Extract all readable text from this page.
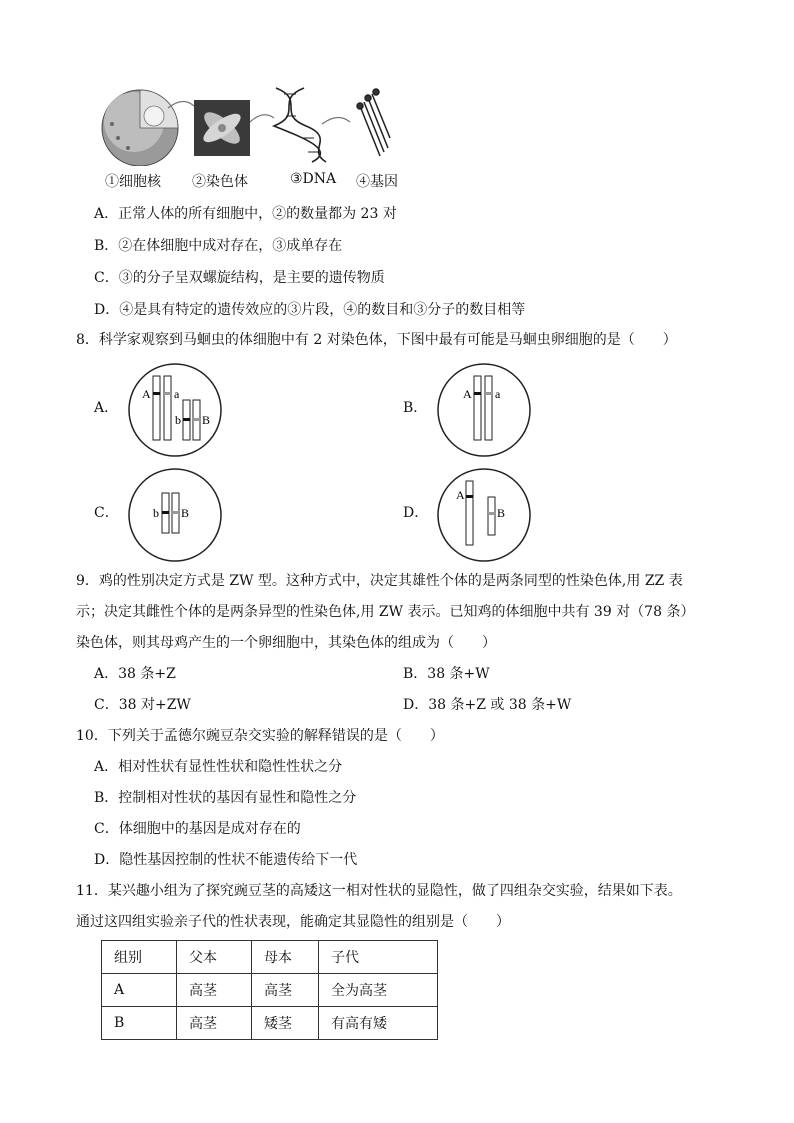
①细胞核 ②染色体	③DNA ④基因
A．正常人体的所有细胞中，②的数量都为 23 对
B．②在体细胞中成对存在，③成单存在
C．③的分子呈双螺旋结构，是主要的遗传物质
D．④是具有特定的遗传效应的③片段，④的数目和③分子的数目相等
8．科学家观察到马蛔虫的体细胞中有 2 对染色体，下图中最有可能是马蛔虫卵细胞的是（　　）
A．	B．
C．	D．
A a
b B
A a
b B
A
B
9．鸡的性别决定方式是 ZW 型。这种方式中，决定其雄性个体的是两条同型的性染色体,用 ZZ 表
示；决定其雌性个体的是两条异型的性染色体,用 ZW 表示。已知鸡的体细胞中共有 39 对（78 条）
染色体，则其母鸡产生的一个卵细胞中，其染色体的组成为（　　）
A．38 条+Z	B．38 条+W
C．38 对+ZW	D．38 条+Z 或 38 条+W
10．下列关于孟德尔豌豆杂交实验的解释错误的是（　　）
A．相对性状有显性性状和隐性性状之分
B．控制相对性状的基因有显性和隐性之分
C．体细胞中的基因是成对存在的
D．隐性基因控制的性状不能遗传给下一代
11．某兴趣小组为了探究豌豆茎的高矮这一相对性状的显隐性，做了四组杂交实验，结果如下表。
通过这四组实验亲子代的性状表现，能确定其显隐性的组别是（　　）
组别	父本	母本	子代
A	高茎	高茎	全为高茎
B	高茎	矮茎	有高有矮
